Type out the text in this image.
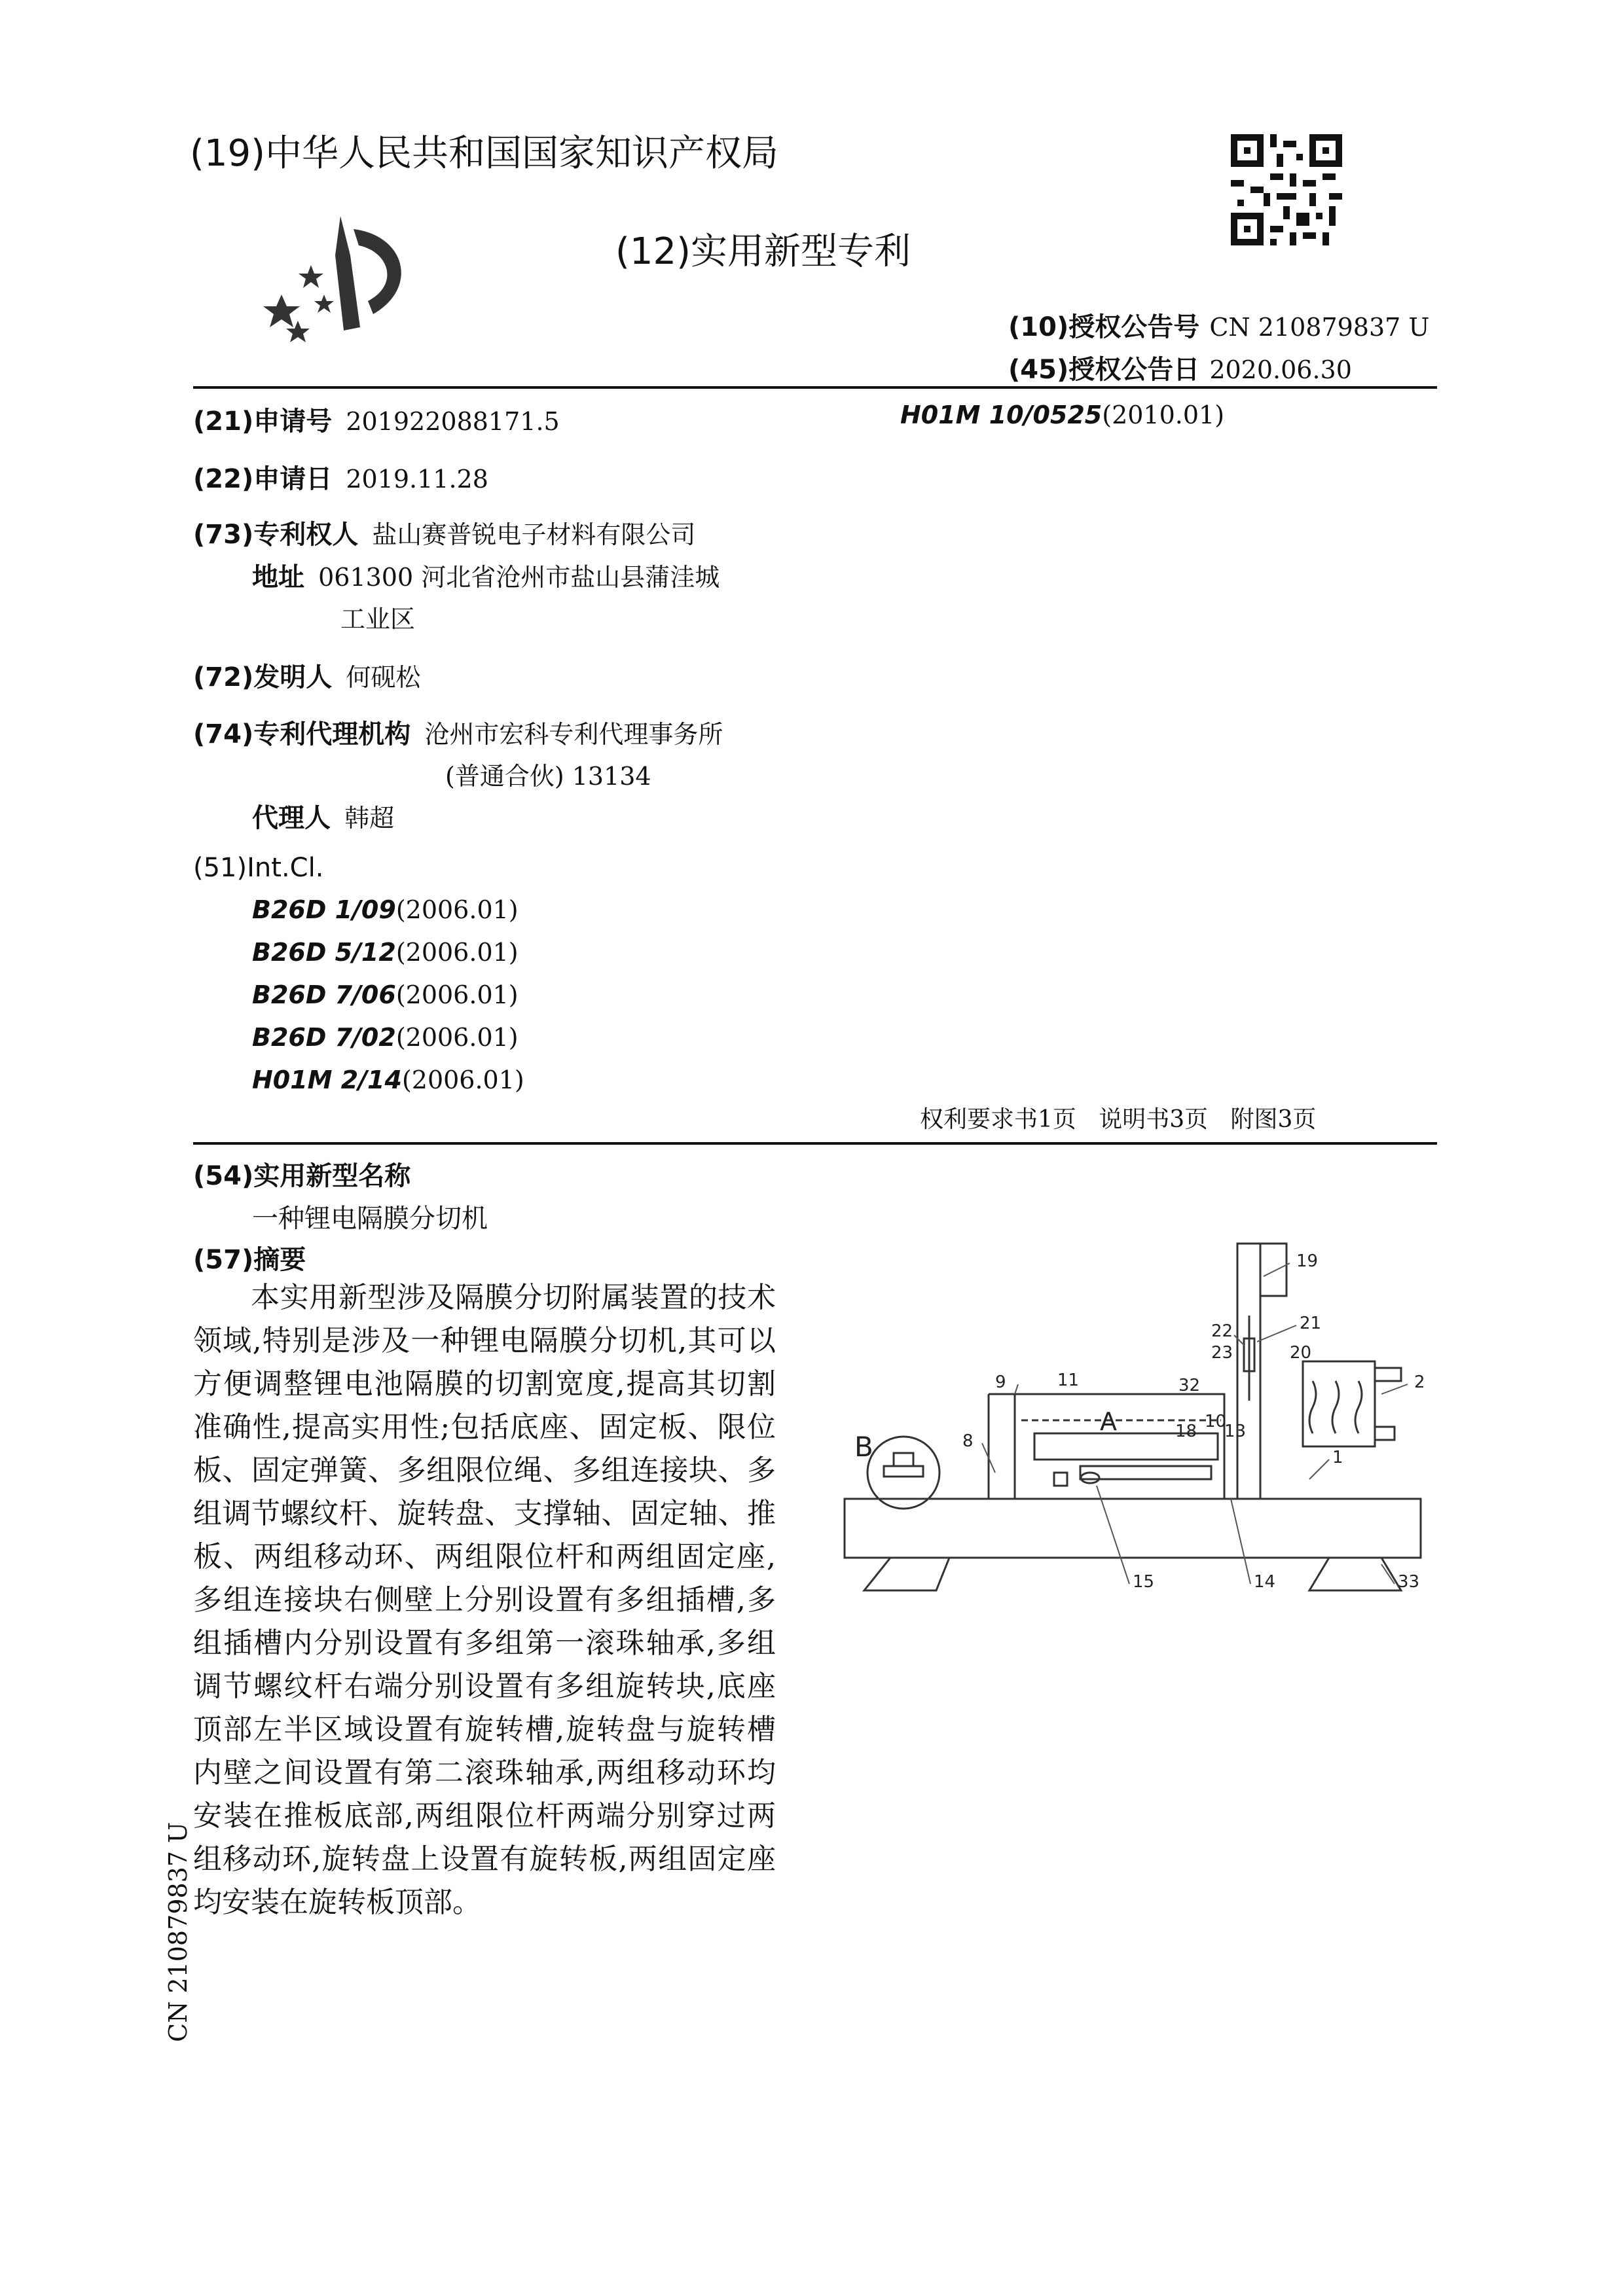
(19)中华人民共和国国家知识产权局
(12)实用新型专利
(10)授权公告号 CN 210879837 U
(45)授权公告日 2020.06.30
(21)申请号 201922088171.5	H01M 10/0525(2010.01)
(22)申请日 2019.11.28
(73)专利权人 盐山赛普锐电子材料有限公司
地址 061300 河北省沧州市盐山县蒲洼城
工业区
(72)发明人 何砚松
(74)专利代理机构 沧州市宏科专利代理事务所
(普通合伙) 13134
代理人 韩超
(51)Int.Cl.
B26D 1/09(2006.01)
B26D 5/12(2006.01)
B26D 7/06(2006.01)
B26D 7/02(2006.01)
H01M 2/14(2006.01)
权利要求书1页   说明书3页   附图3页
(54)实用新型名称
一种锂电隔膜分切机
(57)摘要
本实用新型涉及隔膜分切附属装置的技术领域,特别是涉及一种锂电隔膜分切机,其可以方便调整锂电池隔膜的切割宽度,提高其切割准确性,提高实用性;包括底座、固定板、限位板、固定弹簧、多组限位绳、多组连接块、多组调节螺纹杆、旋转盘、支撑轴、固定轴、推板、两组移动环、两组限位杆和两组固定座,多组连接块右侧壁上分别设置有多组插槽,多组插槽内分别设置有多组第一滚珠轴承,多组调节螺纹杆右端分别设置有多组旋转块,底座顶部左半区域设置有旋转槽,旋转盘与旋转槽内壁之间设置有第二滚珠轴承,两组移动环均安装在推板底部,两组限位杆两端分别穿过两组移动环,旋转盘上设置有旋转板,两组固定座均安装在旋转板顶部。
19
21
22
23	20
2
9	11	32
A	18 10
13
B	8
1
15	14	33
CN 210879837 U
